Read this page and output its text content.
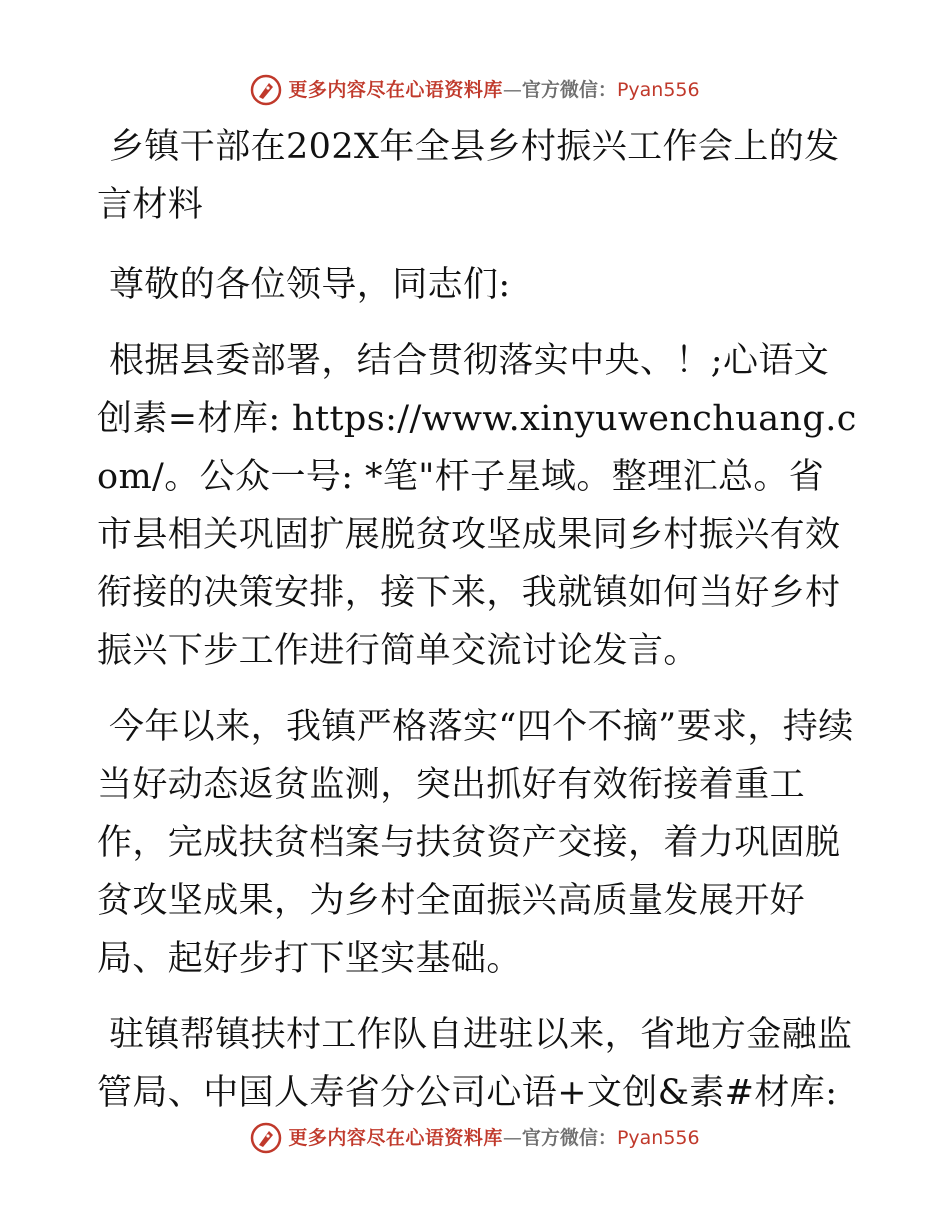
更多内容尽在心语资料库 — 官方微信： Pyan556

乡镇干部在202X年全县乡村振兴工作会上的发言材料

尊敬的各位领导，同志们:

根据县委部署，结合贯彻落实中央、！;心语文创素=材库: https://www.xinyuwenchuang.com/。公众一号: *笔"杆子星域。整理汇总。省市县相关巩固扩展脱贫攻坚成果同乡村振兴有效衔接的决策安排，接下来，我就镇如何当好乡村振兴下步工作进行简单交流讨论发言。

今年以来，我镇严格落实“四个不摘”要求，持续当好动态返贫监测，突出抓好有效衔接着重工作，完成扶贫档案与扶贫资产交接，着力巩固脱贫攻坚成果，为乡村全面振兴高质量发展开好局、起好步打下坚实基础。

驻镇帮镇扶村工作队自进驻以来，省地方金融监管局、中国人寿省分公司心语+文创&素#材库:

更多内容尽在心语资料库 — 官方微信： Pyan556
